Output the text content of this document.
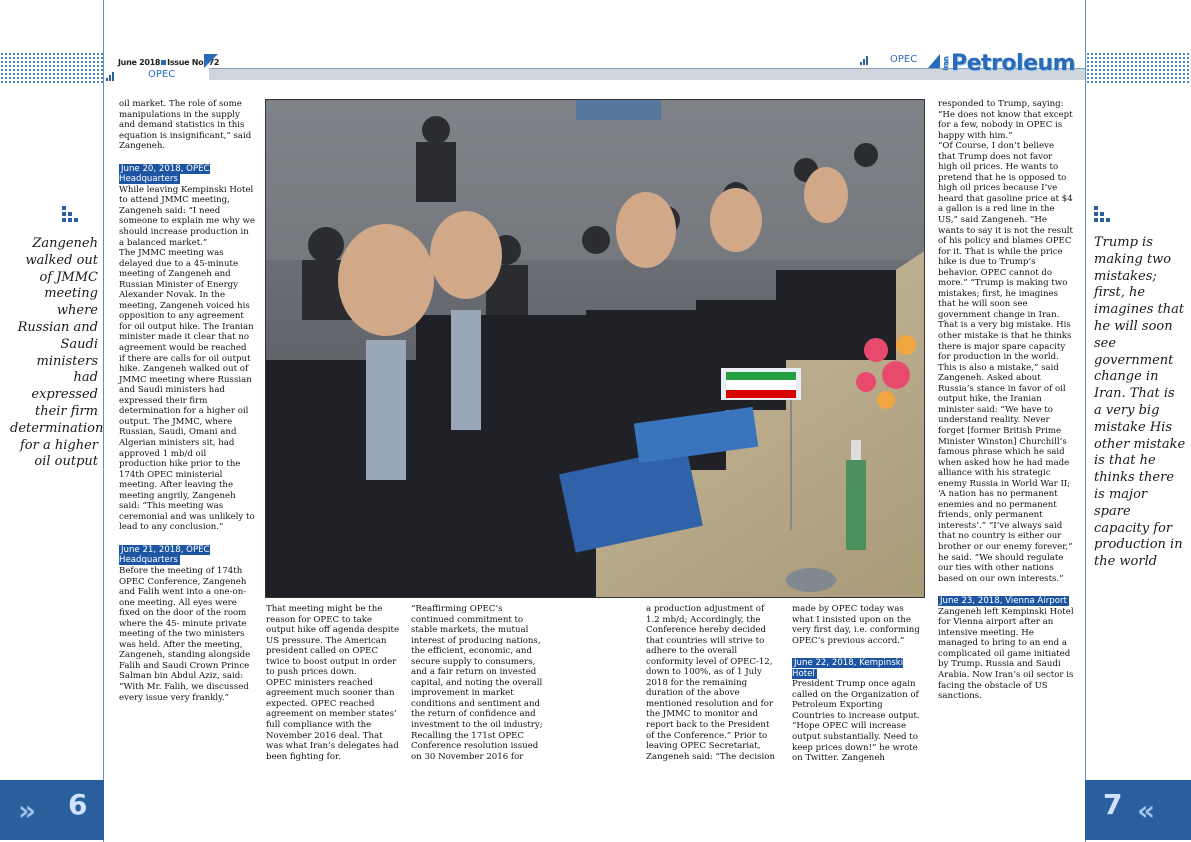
» 6	7 «
June 2018 Issue No. 72
OPEC
OPEC	IranPetroleum
Zangeneh walked out of JMMC meeting where Russian and Saudi ministers had expressed their firm determination for a higher oil output
Trump is making two mistakes; first, he imagines that he will soon see government change in Iran. That is a very big mistake His other mistake is that he thinks there is major spare capacity for production in the world

oil market. The role of some manipulations in the supply and demand statistics in this equation is insignificant,” said Zangeneh.

June 20, 2018, OPEC Headquarters

While leaving Kempinski Hotel to attend JMMC meeting, Zangeneh said: “I need someone to explain me why we should increase production in a balanced market.”

The JMMC meeting was delayed due to a 45-minute meeting of Zangeneh and Russian Minister of Energy Alexander Novak. In the meeting, Zangeneh voiced his opposition to any agreement for oil output hike. The Iranian minister made it clear that no agreement would be reached if there are calls for oil output hike. Zangeneh walked out of JMMC meeting where Russian and Saudi ministers had expressed their firm determination for a higher oil output. The JMMC, where Russian, Saudi, Omani and Algerian ministers sit, had approved 1 mb/d oil production hike prior to the 174th OPEC ministerial meeting. After leaving the meeting angrily, Zangeneh said: “This meeting was ceremonial and was unlikely to lead to any conclusion.”

June 21, 2018, OPEC Headquarters

Before the meeting of 174th OPEC Conference, Zangeneh and Falih went into a one-on-one meeting. All eyes were fixed on the door of the room where the 45- minute private meeting of the two ministers was held. After the meeting, Zangeneh, standing alongside Falih and Saudi Crown Prince Salman bin Abdul Aziz, said: “With Mr. Falih, we discussed every issue very frankly.”

That meeting might be the reason for OPEC to take output hike off agenda despite US pressure. The American president called on OPEC twice to boost output in order to push prices down.

OPEC ministers reached agreement much sooner than expected. OPEC reached agreement on member states’ full compliance with the November 2016 deal. That was what Iran’s delegates had been fighting for.

“Reaffirming OPEC’s continued commitment to stable markets, the mutual interest of producing nations, the efficient, economic, and secure supply to consumers, and a fair return on invested capital, and noting the overall improvement in market conditions and sentiment and the return of confidence and investment to the oil industry;

Recalling the 171st OPEC Conference resolution issued on 30 November 2016 for

a production adjustment of 1.2 mb/d; Accordingly, the Conference hereby decided that countries will strive to adhere to the overall conformity level of OPEC-12, down to 100%, as of 1 July 2018 for the remaining duration of the above mentioned resolution and for the JMMC to monitor and report back to the President of the Conference.” Prior to leaving OPEC Secretariat, Zangeneh said: “The decision

made by OPEC today was what I insisted upon on the very first day, i.e. conforming OPEC’s previous accord.”

June 22, 2018, Kempinski Hotel

President Trump once again called on the Organization of Petroleum Exporting Countries to increase output.

“Hope OPEC will increase output substantially. Need to keep prices down!” he wrote on Twitter. Zangeneh

responded to Trump, saying: “He does not know that except for a few, nobody in OPEC is happy with him.”

“Of Course, I don’t believe that Trump does not favor high oil prices. He wants to pretend that he is opposed to high oil prices because I’ve heard that gasoline price at $4 a gallon is a red line in the US,” said Zangeneh. “He wants to say it is not the result of his policy and blames OPEC for it. That is while the price hike is due to Trump’s behavior. OPEC cannot do more.” “Trump is making two mistakes; first, he imagines that he will soon see government change in Iran. That is a very big mistake. His other mistake is that he thinks there is major spare capacity for production in the world. This is also a mistake,” said Zangeneh. Asked about Russia’s stance in favor of oil output hike, the Iranian minister said: “We have to understand reality. Never forget [former British Prime Minister Winston] Churchill’s famous phrase which he said when asked how he had made alliance with his strategic enemy Russia in World War II; ‘A nation has no permanent enemies and no permanent friends, only permanent interests’.” “I’ve always said that no country is either our brother or our enemy forever,” he said. “We should regulate our ties with other nations based on our own interests.”

June 23, 2018, Vienna Airport

Zangeneh left Kempinski Hotel for Vienna airport after an intensive meeting. He managed to bring to an end a complicated oil game initiated by Trump. Russia and Saudi Arabia. Now Iran’s oil sector is facing the obstacle of US sanctions.
